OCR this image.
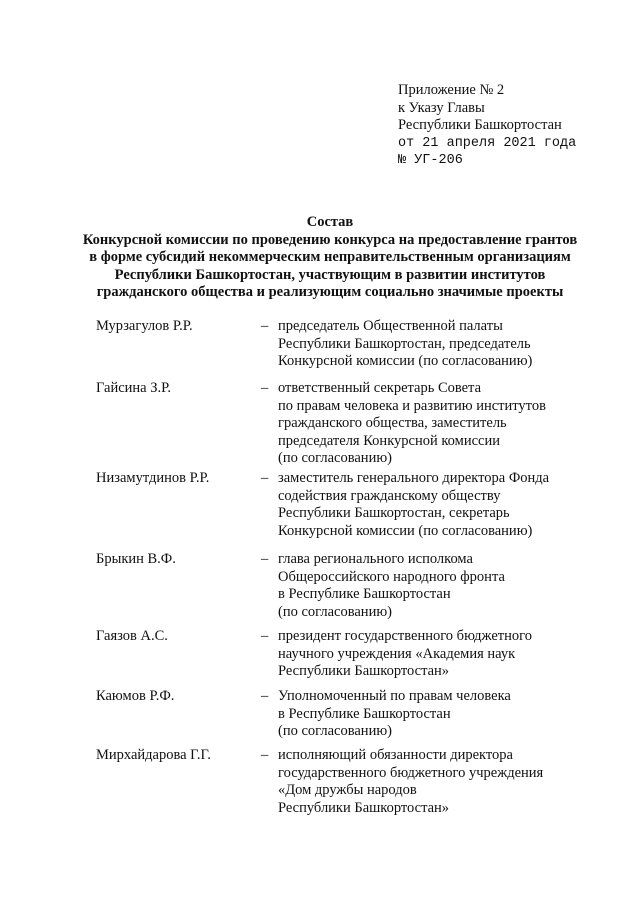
Приложение № 2
к Указу Главы
Республики Башкортостан
от 21 апреля 2021 года
№ УГ-206
Состав
Конкурсной комиссии по проведению конкурса на предоставление грантов
в форме субсидий некоммерческим неправительственным организациям
Республики Башкортостан, участвующим в развитии институтов
гражданского общества и реализующим социально значимые проекты
Мурзагулов Р.Р.	– председатель Общественной палаты
Республики Башкортостан, председатель
Конкурсной комиссии (по согласованию)
Гайсина З.Р.	– ответственный секретарь Совета
по правам человека и развитию институтов
гражданского общества, заместитель
председателя Конкурсной комиссии
(по согласованию)
Низамутдинов Р.Р.	– заместитель генерального директора Фонда
содействия гражданскому обществу
Республики Башкортостан, секретарь
Конкурсной комиссии (по согласованию)
Брыкин В.Ф.	– глава регионального исполкома
Общероссийского народного фронта
в Республике Башкортостан
(по согласованию)
Гаязов А.С.	– президент государственного бюджетного
научного учреждения «Академия наук
Республики Башкортостан»
Каюмов Р.Ф.	– Уполномоченный по правам человека
в Республике Башкортостан
(по согласованию)
Мирхайдарова Г.Г.	– исполняющий обязанности директора
государственного бюджетного учреждения
«Дом дружбы народов
Республики Башкортостан»
